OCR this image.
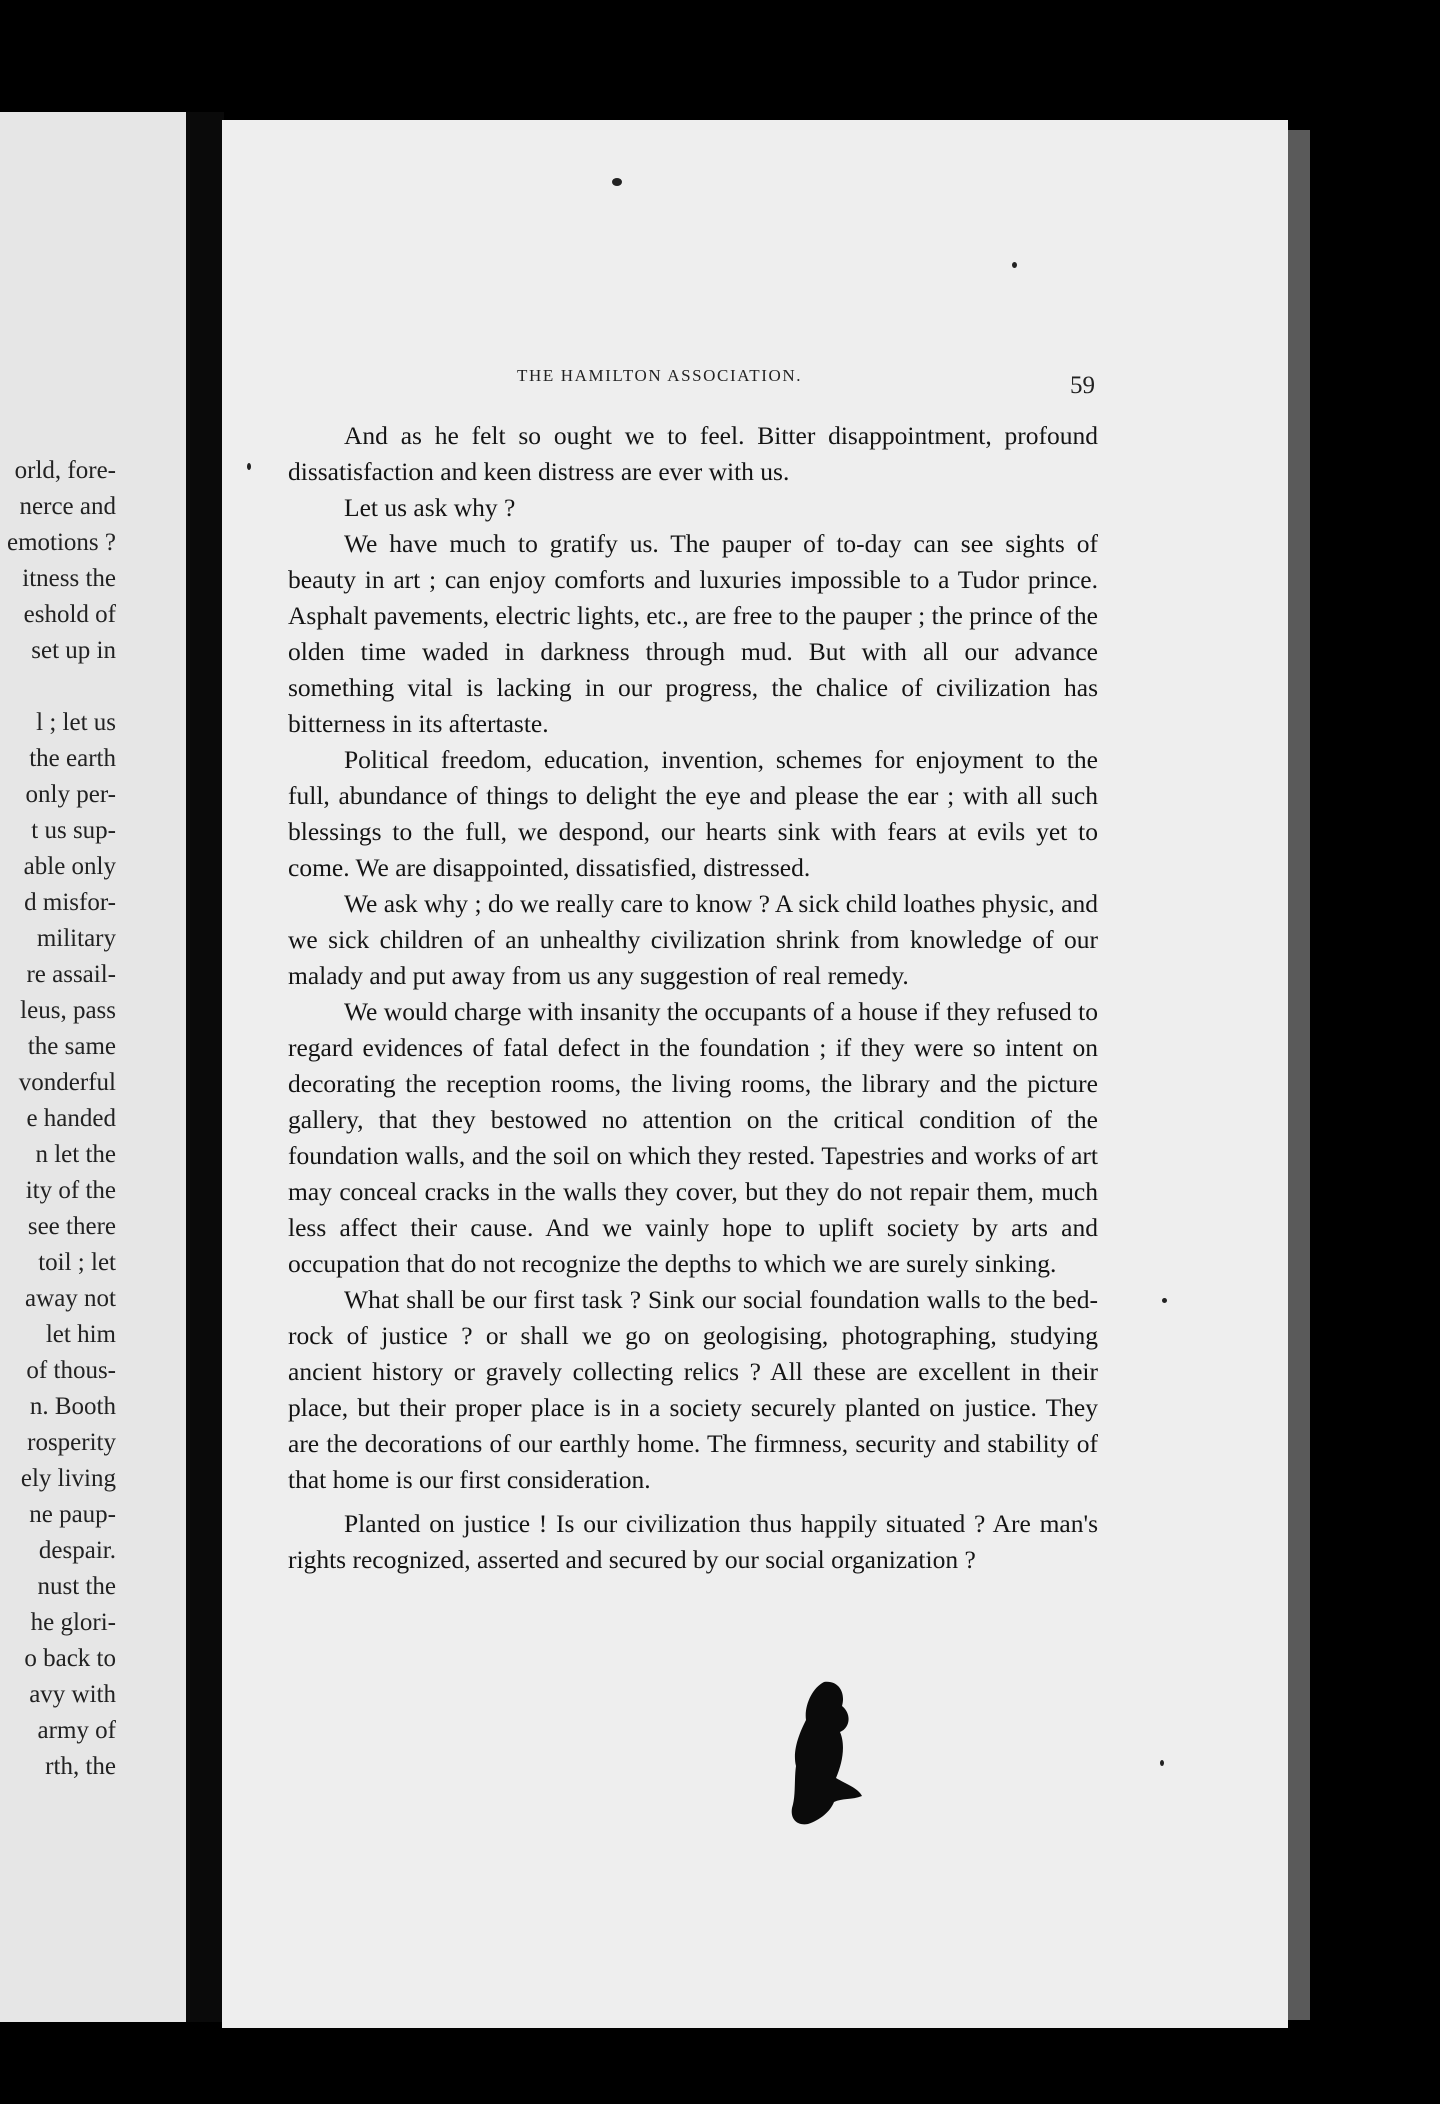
orld, fore-
nerce and
emotions ?
itness the
eshold of
set up in

l ; let us
the earth
only per-
t us sup-
able only
d misfor-
military
re assail-
leus, pass
the same
vonderful
e handed
n let the
ity of the
see there
toil ; let
away not
let him
of thous-
n. Booth
rosperity
ely living
ne paup-
despair.
nust the
he glori-
o back to
avy with
army of
rth, the
THE HAMILTON ASSOCIATION.	59

And as he felt so ought we to feel. Bitter disappointment, profound dissatisfaction and keen distress are ever with us.

Let us ask why ?

We have much to gratify us. The pauper of to-day can see sights of beauty in art ; can enjoy comforts and luxuries impossible to a Tudor prince. Asphalt pavements, electric lights, etc., are free to the pauper ; the prince of the olden time waded in darkness through mud. But with all our advance something vital is lacking in our progress, the chalice of civilization has bitterness in its aftertaste.

Political freedom, education, invention, schemes for enjoyment to the full, abundance of things to delight the eye and please the ear ; with all such blessings to the full, we despond, our hearts sink with fears at evils yet to come. We are disappointed, dissatisfied, distressed.

We ask why ; do we really care to know ? A sick child loathes physic, and we sick children of an unhealthy civilization shrink from knowledge of our malady and put away from us any suggestion of real remedy.

We would charge with insanity the occupants of a house if they refused to regard evidences of fatal defect in the foundation ; if they were so intent on decorating the reception rooms, the living rooms, the library and the picture gallery, that they bestowed no attention on the critical condition of the foundation walls, and the soil on which they rested. Tapestries and works of art may conceal cracks in the walls they cover, but they do not repair them, much less affect their cause. And we vainly hope to uplift society by arts and occupation that do not recognize the depths to which we are surely sinking.

What shall be our first task ? Sink our social foundation walls to the bed-rock of justice ? or shall we go on geologising, photographing, studying ancient history or gravely collecting relics ? All these are excellent in their place, but their proper place is in a society securely planted on justice. They are the decorations of our earthly home. The firmness, security and stability of that home is our first consideration.

Planted on justice ! Is our civilization thus happily situated ? Are man's rights recognized, asserted and secured by our social organization ?
